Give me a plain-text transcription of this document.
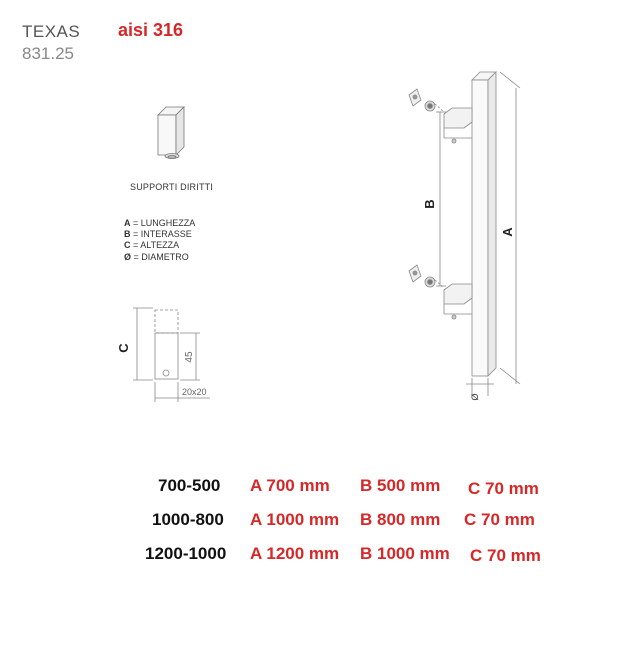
TEXAS
831.25
aisi 316
C
45
20x20
B
A
Ø
SUPPORTI DIRITTI
A = LUNGHEZZA
B = INTERASSE
C = ALTEZZA
Ø = DIAMETRO
700-500 A 700 mm B 500 mm C 70 mm
1000-800 A 1000 mm B 800 mm C 70 mm
1200-1000 A 1200 mm B 1000 mm C 70 mm
